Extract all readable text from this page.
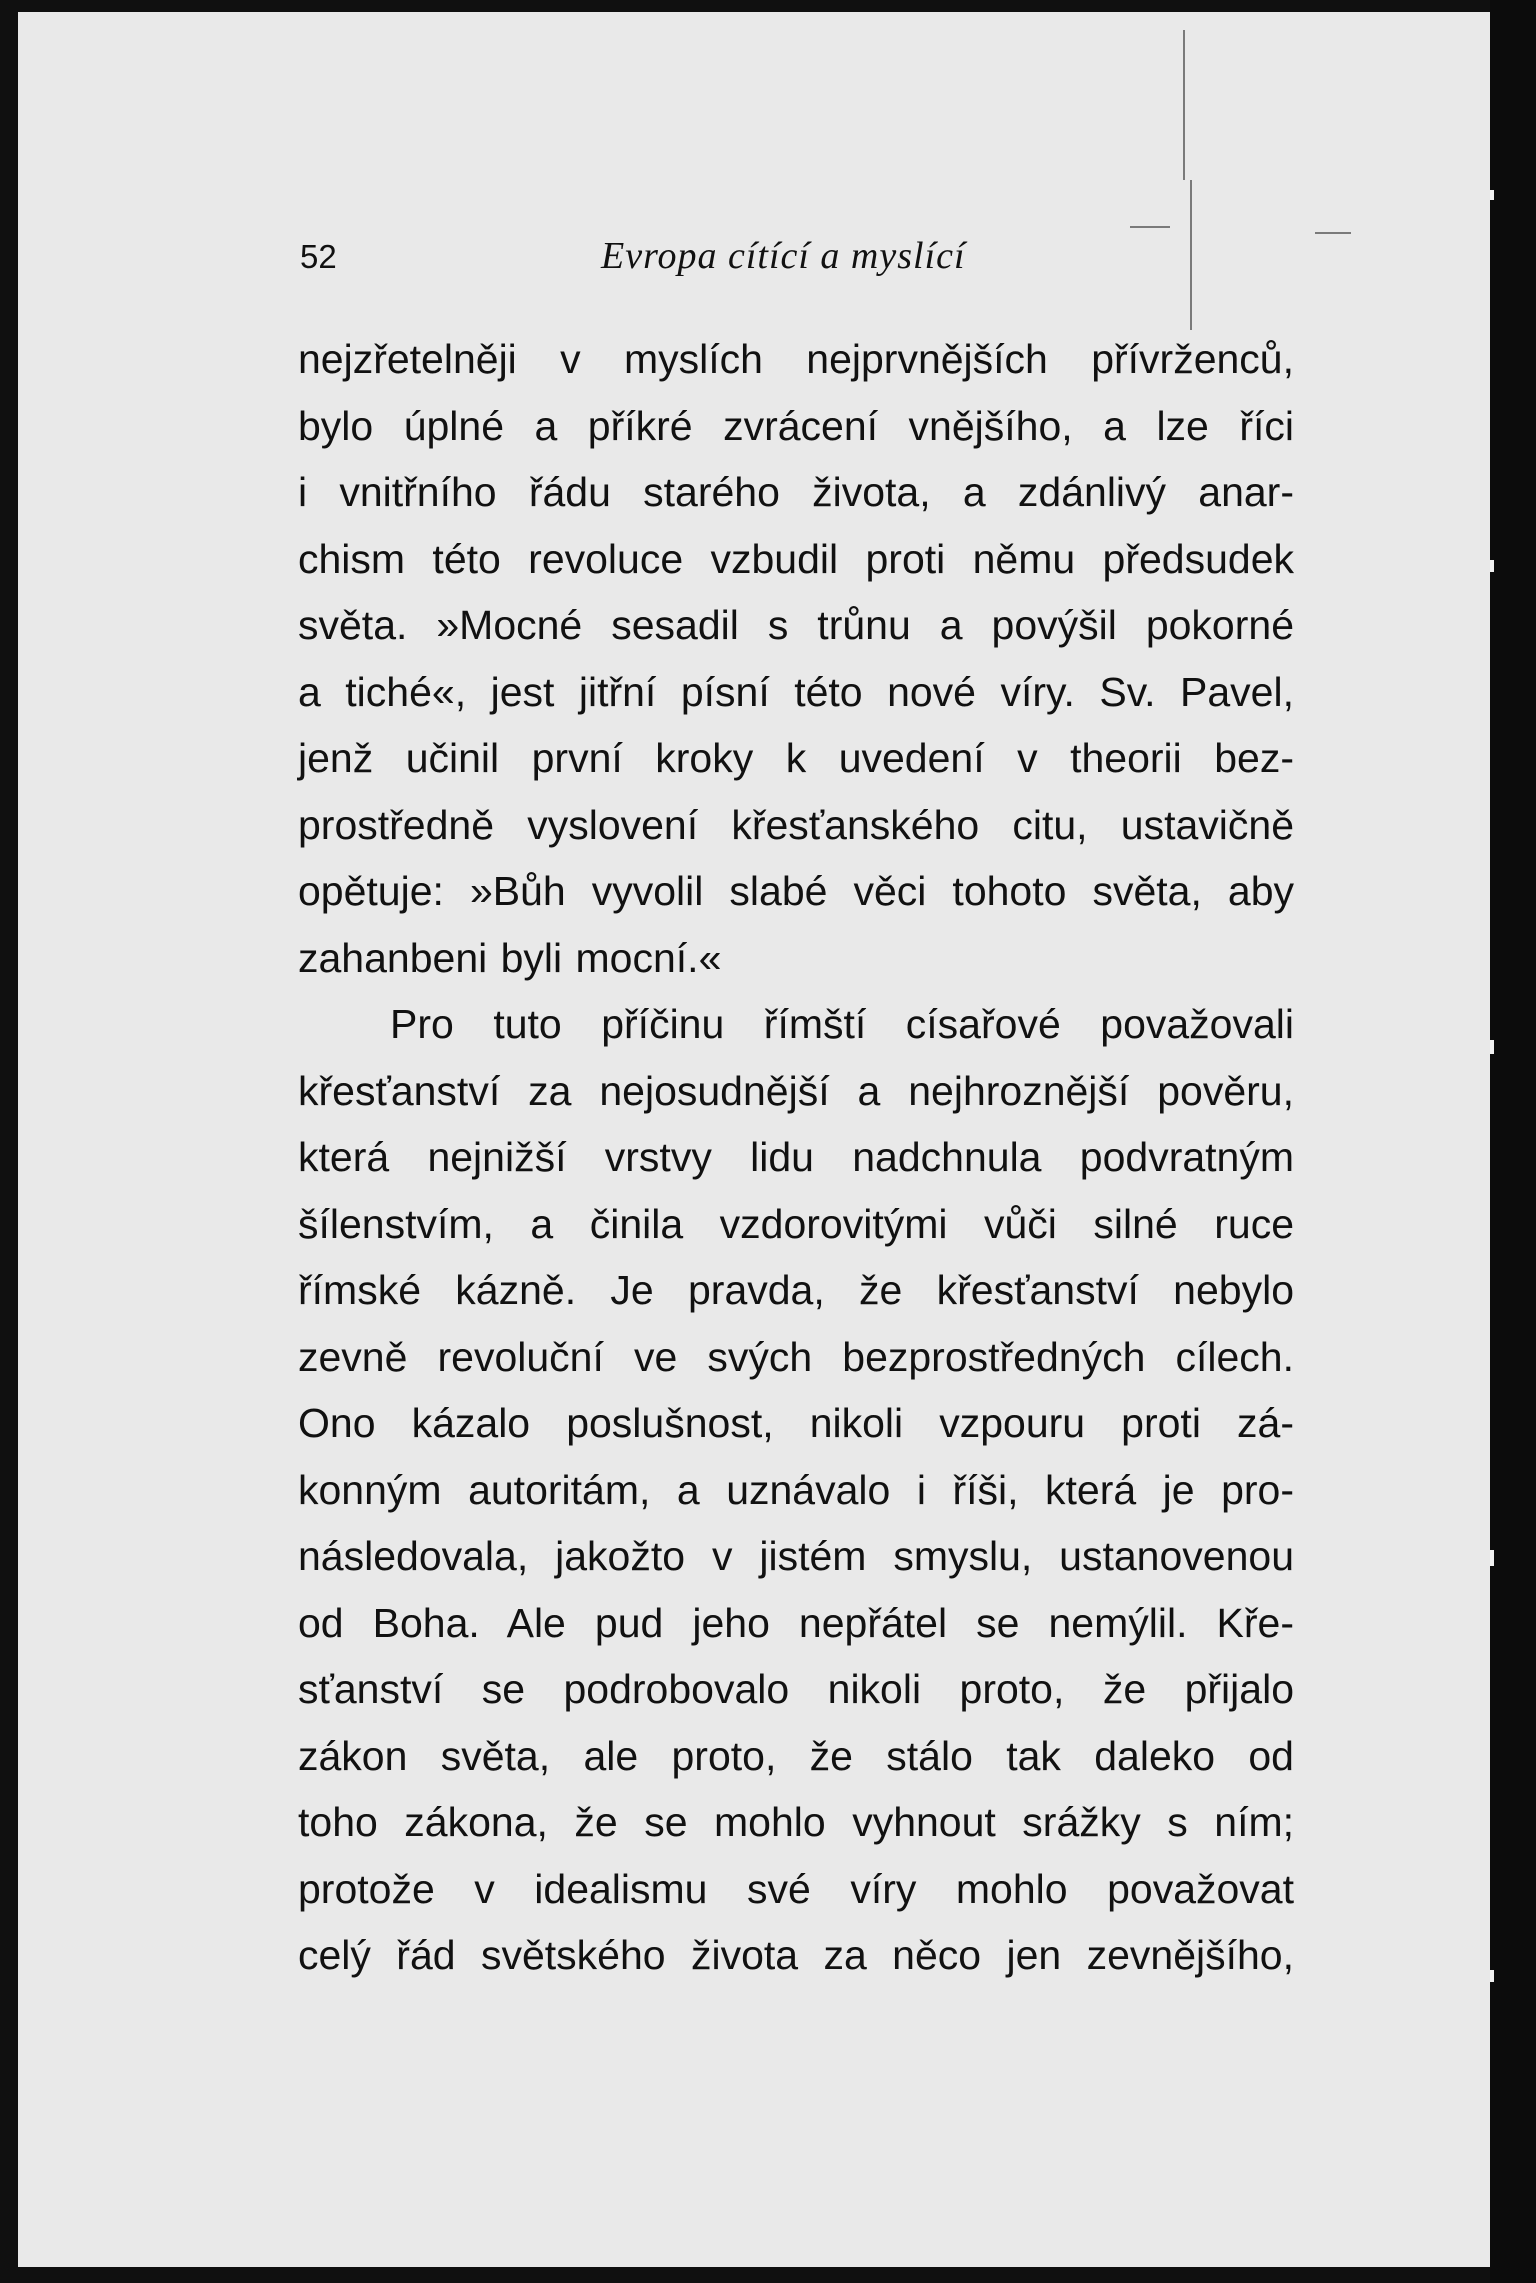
52	Evropa cítící a myslící
nejzřetelněji v myslích nejprvnějších přívrženců,
bylo úplné a příkré zvrácení vnějšího, a lze říci
i vnitřního řádu starého života, a zdánlivý anar-
chism této revoluce vzbudil proti němu předsudek
světa. »Mocné sesadil s trůnu a povýšil pokorné
a tiché«, jest jitřní písní této nové víry. Sv. Pavel,
jenž učinil první kroky k uvedení v theorii bez-
prostředně vyslovení křesťanského citu, ustavičně
opětuje: »Bůh vyvolil slabé věci tohoto světa, aby
zahanbeni byli mocní.«
Pro tuto příčinu římští císařové považovali
křesťanství za nejosudnější a nejhroznější pověru,
která nejnižší vrstvy lidu nadchnula podvratným
šílenstvím, a činila vzdorovitými vůči silné ruce
římské kázně. Je pravda, že křesťanství nebylo
zevně revoluční ve svých bezprostředných cílech.
Ono kázalo poslušnost, nikoli vzpouru proti zá-
konným autoritám, a uznávalo i říši, která je pro-
následovala, jakožto v jistém smyslu, ustanovenou
od Boha. Ale pud jeho nepřátel se nemýlil. Kře-
sťanství se podrobovalo nikoli proto, že přijalo
zákon světa, ale proto, že stálo tak daleko od
toho zákona, že se mohlo vyhnout srážky s ním;
protože v idealismu své víry mohlo považovat
celý řád světského života za něco jen zevnějšího,
